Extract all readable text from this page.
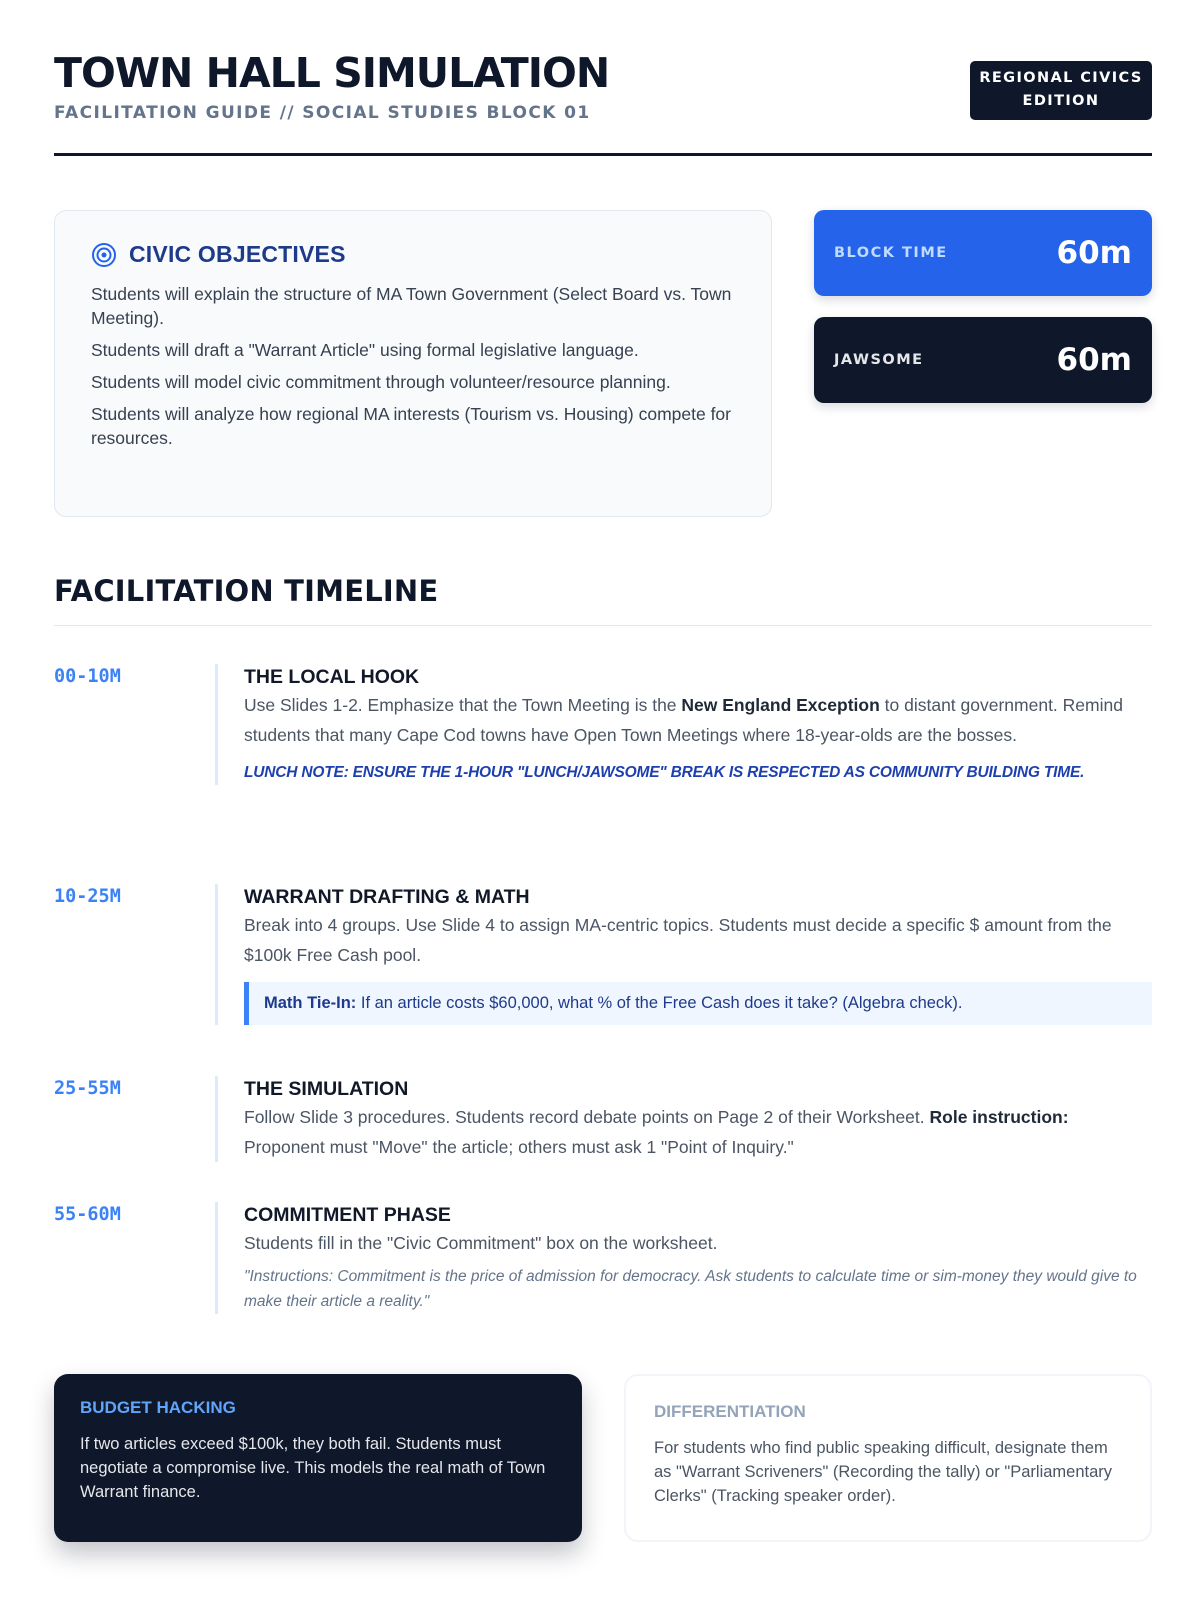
TOWN HALL SIMULATION
FACILITATION GUIDE // SOCIAL STUDIES BLOCK 01
REGIONAL CIVICS EDITION
CIVIC OBJECTIVES
Students will explain the structure of MA Town Government (Select Board vs. Town Meeting).
Students will draft a "Warrant Article" using formal legislative language.
Students will model civic commitment through volunteer/resource planning.
Students will analyze how regional MA interests (Tourism vs. Housing) compete for resources.
BLOCK TIME	60m
JAWSOME	60m
FACILITATION TIMELINE
00-10M	THE LOCAL HOOK
Use Slides 1-2. Emphasize that the Town Meeting is the New England Exception to distant government. Remind students that many Cape Cod towns have Open Town Meetings where 18-year-olds are the bosses.
LUNCH NOTE: ENSURE THE 1-HOUR "LUNCH/JAWSOME" BREAK IS RESPECTED AS COMMUNITY BUILDING TIME.
10-25M	WARRANT DRAFTING & MATH
Break into 4 groups. Use Slide 4 to assign MA-centric topics. Students must decide a specific $ amount from the $100k Free Cash pool.
Math Tie-In: If an article costs $60,000, what % of the Free Cash does it take? (Algebra check).
25-55M	THE SIMULATION
Follow Slide 3 procedures. Students record debate points on Page 2 of their Worksheet. Role instruction: Proponent must "Move" the article; others must ask 1 "Point of Inquiry."
55-60M	COMMITMENT PHASE
Students fill in the "Civic Commitment" box on the worksheet.
"Instructions: Commitment is the price of admission for democracy. Ask students to calculate time or sim-money they would give to make their article a reality."
BUDGET HACKING
If two articles exceed $100k, they both fail. Students must negotiate a compromise live. This models the real math of Town Warrant finance.
DIFFERENTIATION
For students who find public speaking difficult, designate them as "Warrant Scriveners" (Recording the tally) or "Parliamentary Clerks" (Tracking speaker order).
